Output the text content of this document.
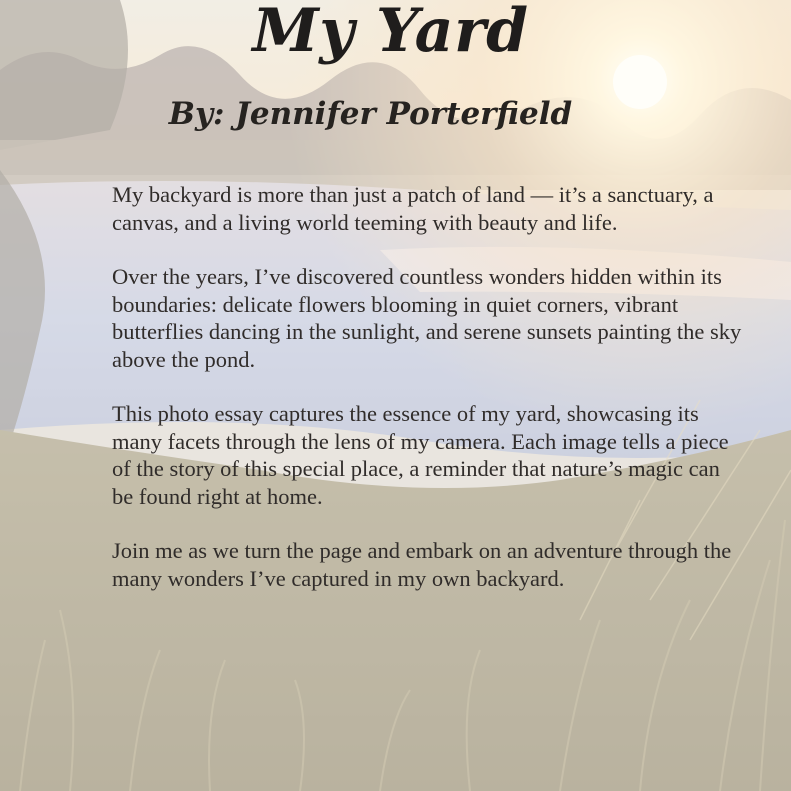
My Yard
By: Jennifer Porterfield

My backyard is more than just a patch of land — it’s a sanctuary, a canvas, and a living world teeming with beauty and life.

Over the years, I’ve discovered countless wonders hidden within its boundaries: delicate flowers blooming in quiet corners, vibrant butterflies dancing in the sunlight, and serene sunsets painting the sky above the pond.

This photo essay captures the essence of my yard, showcasing its many facets through the lens of my camera. Each image tells a piece of the story of this special place, a reminder that nature’s magic can be found right at home.

Join me as we turn the page and embark on an adventure through the many wonders I’ve captured in my own backyard.
